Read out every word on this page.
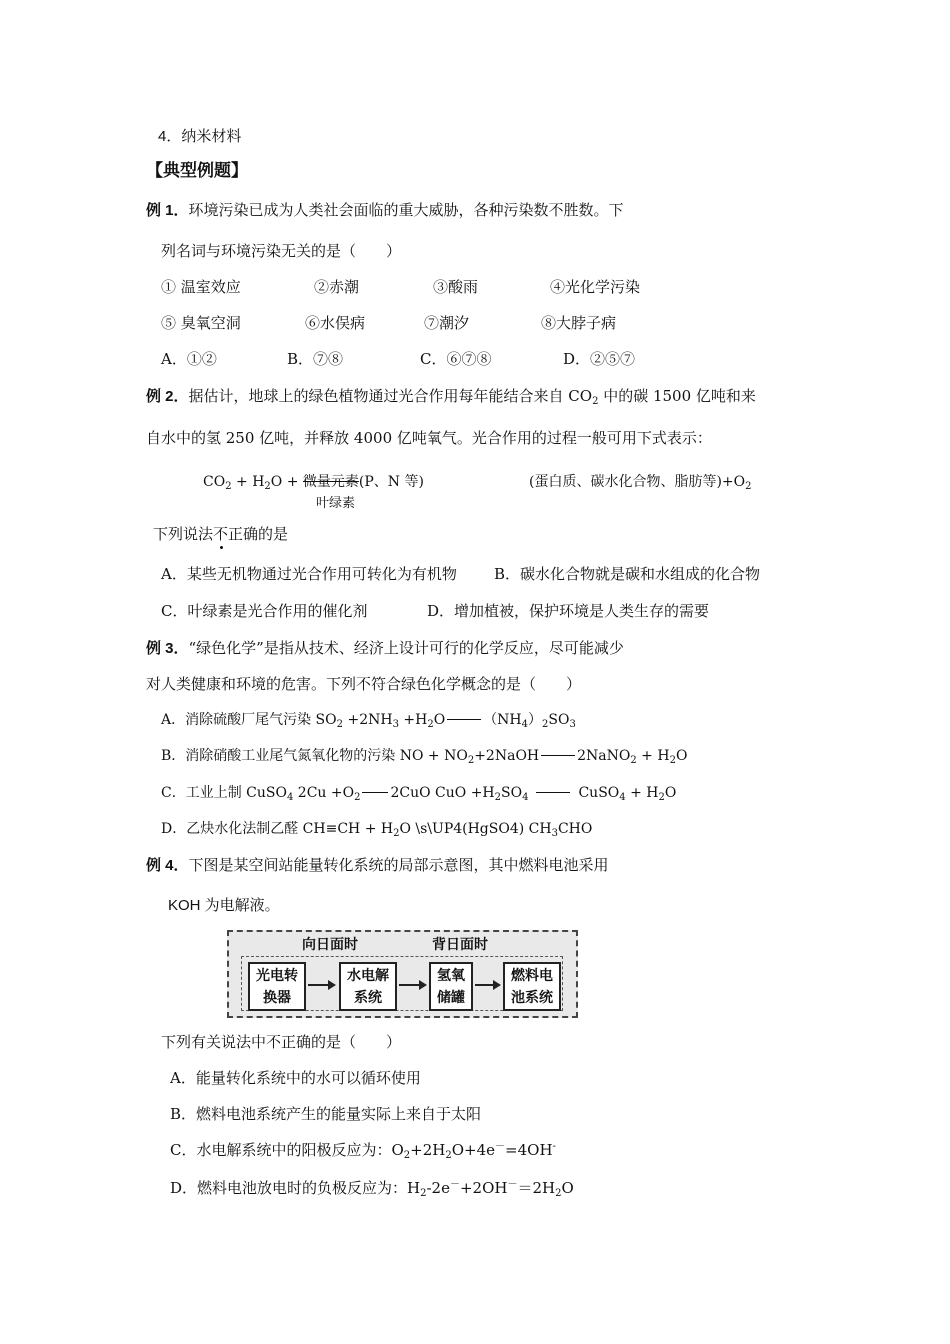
4．纳米材料
【典型例题】
例 1．环境污染已成为人类社会面临的重大威胁，各种污染数不胜数。下
列名词与环境污染无关的是（　　）
① 温室效应	②赤潮	③酸雨	④光化学污染
⑤ 臭氧空洞	⑥水俣病	⑦潮汐	⑧大脖子病
A．①②	B．⑦⑧	C．⑥⑦⑧	D．②⑤⑦
例 2．据估计，地球上的绿色植物通过光合作用每年能结合来自 $CO_2$ 中的碳 1500 亿吨和来
自水中的氢 250 亿吨，并释放 4000 亿吨氧气。光合作用的过程一般可用下式表示：
$CO_2 + H_2O$ + 微量元素(P、N 等)
叶绿素
(蛋白质、碳水化合物、脂肪等)$+O_2$
下列说法不正确的是
A．某些无机物通过光合作用可转化为有机物 B．碳水化合物就是碳和水组成的化合物
C．叶绿素是光合作用的催化剂	D．增加植被，保护环境是人类生存的需要
例 3．“绿色化学”是指从技术、经济上设计可行的化学反应，尽可能减少
对人类健康和环境的危害。下列不符合绿色化学概念的是（　　）
A．消除硫酸厂尾气污染 $SO_2 +2NH_3 +H_2O$	$(NH_4)_2SO_3$
B．消除硝酸工业尾气氮氧化物的污染 NO + $NO_2+2NaOH$	2NaNO$_2$ + $H_2O$
C．工业上制 CuSO$_4$ $2Cu +O_2$ 2CuO CuO $+H_2SO_4$	CuSO$_4$ + $H_2O$
D．乙炔水化法制乙醛 $CH\equiv CH + H_2O$ \s\UP4(HgSO4) $CH_3CHO$
例 4．下图是某空间站能量转化系统的局部示意图，其中燃料电池采用
KOH 为电解液。
向日面时	背日面时
光电转
换器
水电解
系统
氢氧
储罐
燃料电
池系统
下列有关说法中不正确的是（　　）
A．能量转化系统中的水可以循环使用
B．燃料电池系统产生的能量实际上来自于太阳
C．水电解系统中的阳极反应为：$O_2+2H_2O+4e^-=4OH^-$
D．燃料电池放电时的负极反应为：$H_2-2e^-+2OH^-=2H_2O$
